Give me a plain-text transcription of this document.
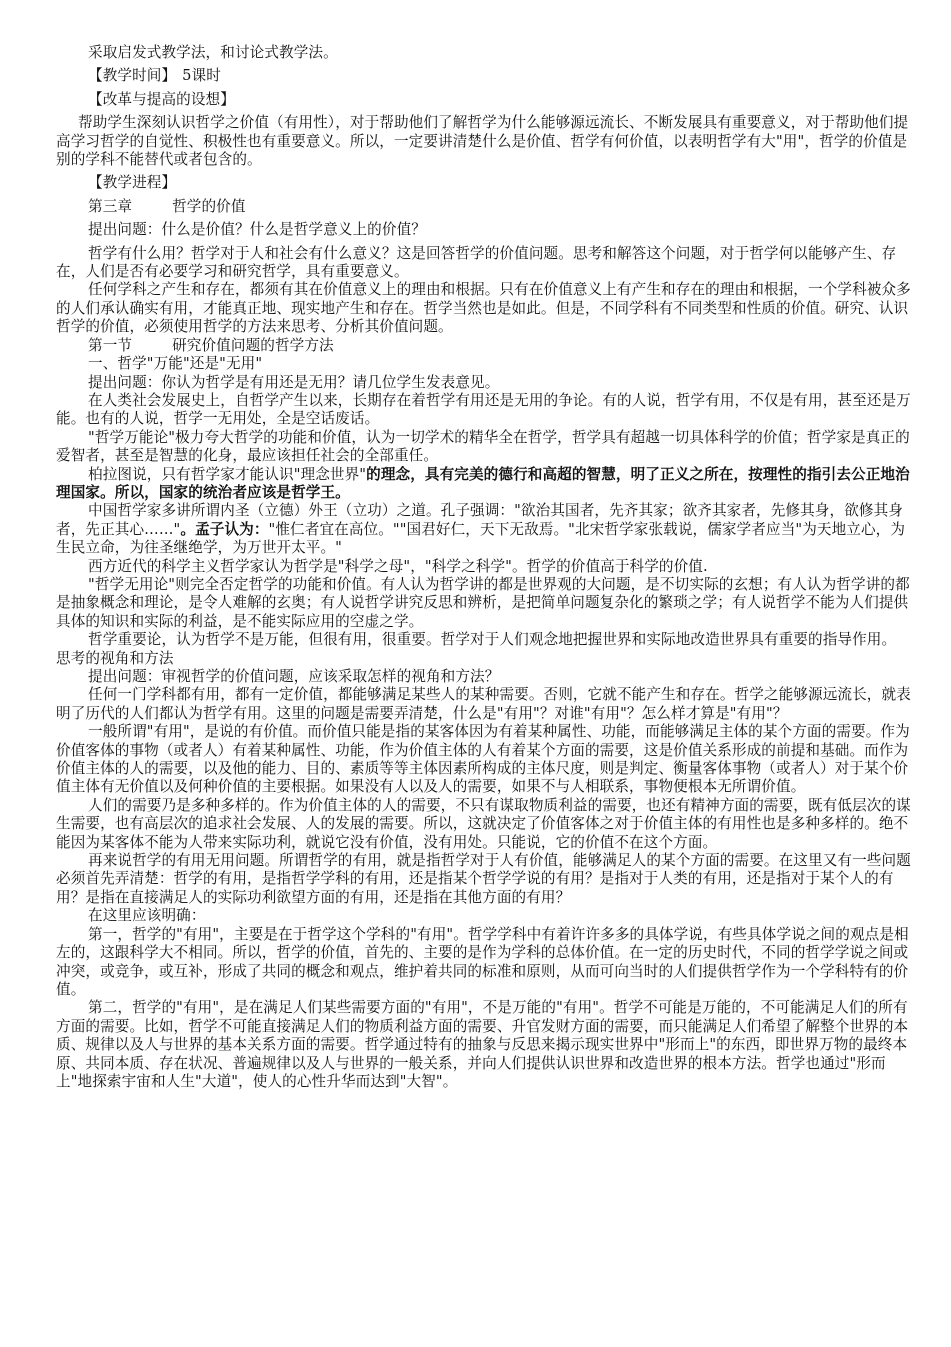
采取启发式教学法，和讨论式教学法。

【教学时间】 5课时

【改革与提高的设想】

帮助学生深刻认识哲学之价值（有用性），对于帮助他们了解哲学为什么能够源远流长、不断发展具有重要意义，对于帮助他们提高学习哲学的自觉性、积极性也有重要意义。所以，一定要讲清楚什么是价值、哲学有何价值，以表明哲学有大"用"，哲学的价值是别的学科不能替代或者包含的。

【教学进程】

第三章	哲学的价值

提出问题：什么是价值？什么是哲学意义上的价值？

哲学有什么用？哲学对于人和社会有什么意义？这是回答哲学的价值问题。思考和解答这个问题，对于哲学何以能够产生、存在，人们是否有必要学习和研究哲学，具有重要意义。

任何学科之产生和存在，都须有其在价值意义上的理由和根据。只有在价值意义上有产生和存在的理由和根据，一个学科被众多的人们承认确实有用，才能真正地、现实地产生和存在。哲学当然也是如此。但是，不同学科有不同类型和性质的价值。研究、认识哲学的价值，必须使用哲学的方法来思考、分析其价值问题。

第一节	研究价值问题的哲学方法

一、哲学"万能"还是"无用"

提出问题：你认为哲学是有用还是无用？请几位学生发表意见。

在人类社会发展史上，自哲学产生以来，长期存在着哲学有用还是无用的争论。有的人说，哲学有用，不仅是有用，甚至还是万能。也有的人说，哲学一无用处，全是空话废话。

"哲学万能论"极力夸大哲学的功能和价值，认为一切学术的精华全在哲学，哲学具有超越一切具体科学的价值；哲学家是真正的爱智者，甚至是智慧的化身，最应该担任社会的全部重任。

柏拉图说，只有哲学家才能认识"理念世界"的理念，具有完美的德行和高超的智慧，明了正义之所在，按理性的指引去公正地治理国家。所以，国家的统治者应该是哲学王。

中国哲学家多讲所谓内圣（立德）外王（立功）之道。孔子强调："欲治其国者，先齐其家；欲齐其家者，先修其身，欲修其身者，先正其心……"。孟子认为："惟仁者宜在高位。""国君好仁，天下无敌焉。"北宋哲学家张载说，儒家学者应当"为天地立心，为生民立命，为往圣继绝学，为万世开太平。"

西方近代的科学主义哲学家认为哲学是"科学之母"，"科学之科学"。哲学的价值高于科学的价值.

"哲学无用论"则完全否定哲学的功能和价值。有人认为哲学讲的都是世界观的大问题，是不切实际的玄想；有人认为哲学讲的都是抽象概念和理论，是令人难解的玄奥；有人说哲学讲究反思和辨析，是把简单问题复杂化的繁琐之学；有人说哲学不能为人们提供具体的知识和实际的利益，是不能实际应用的空虚之学。

哲学重要论，认为哲学不是万能，但很有用，很重要。哲学对于人们观念地把握世界和实际地改造世界具有重要的指导作用。

思考的视角和方法

提出问题：审视哲学的价值问题，应该采取怎样的视角和方法？

任何一门学科都有用，都有一定价值，都能够满足某些人的某种需要。否则，它就不能产生和存在。哲学之能够源远流长，就表明了历代的人们都认为哲学有用。这里的问题是需要弄清楚，什么是"有用"？对谁"有用"？怎么样才算是"有用"？

一般所谓"有用"，是说的有价值。而价值只能是指的某客体因为有着某种属性、功能，而能够满足主体的某个方面的需要。作为价值客体的事物（或者人）有着某种属性、功能，作为价值主体的人有着某个方面的需要，这是价值关系形成的前提和基础。而作为价值主体的人的需要，以及他的能力、目的、素质等等主体因素所构成的主体尺度，则是判定、衡量客体事物（或者人）对于某个价值主体有无价值以及何种价值的主要根据。如果没有人以及人的需要，如果不与人相联系，事物便根本无所谓价值。

人们的需要乃是多种多样的。作为价值主体的人的需要，不只有谋取物质利益的需要，也还有精神方面的需要，既有低层次的谋生需要，也有高层次的追求社会发展、人的发展的需要。所以，这就决定了价值客体之对于价值主体的有用性也是多种多样的。绝不能因为某客体不能为人带来实际功利，就说它没有价值，没有用处。只能说，它的价值不在这个方面。

再来说哲学的有用无用问题。所谓哲学的有用，就是指哲学对于人有价值，能够满足人的某个方面的需要。在这里又有一些问题必须首先弄清楚：哲学的有用，是指哲学学科的有用，还是指某个哲学学说的有用？是指对于人类的有用，还是指对于某个人的有用？是指在直接满足人的实际功利欲望方面的有用，还是指在其他方面的有用？

在这里应该明确：

第一，哲学的"有用"，主要是在于哲学这个学科的"有用"。哲学学科中有着许许多多的具体学说，有些具体学说之间的观点是相左的，这跟科学大不相同。所以，哲学的价值，首先的、主要的是作为学科的总体价值。在一定的历史时代，不同的哲学学说之间或冲突，或竞争，或互补，形成了共同的概念和观点，维护着共同的标准和原则，从而可向当时的人们提供哲学作为一个学科特有的价值。

第二，哲学的"有用"，是在满足人们某些需要方面的"有用"，不是万能的"有用"。哲学不可能是万能的，不可能满足人们的所有方面的需要。比如，哲学不可能直接满足人们的物质利益方面的需要、升官发财方面的需要，而只能满足人们希望了解整个世界的本质、规律以及人与世界的基本关系方面的需要。哲学通过特有的抽象与反思来揭示现实世界中"形而上"的东西，即世界万物的最终本原、共同本质、存在状况、普遍规律以及人与世界的一般关系，并向人们提供认识世界和改造世界的根本方法。哲学也通过"形而上"地探索宇宙和人生"大道"，使人的心性升华而达到"大智"。
